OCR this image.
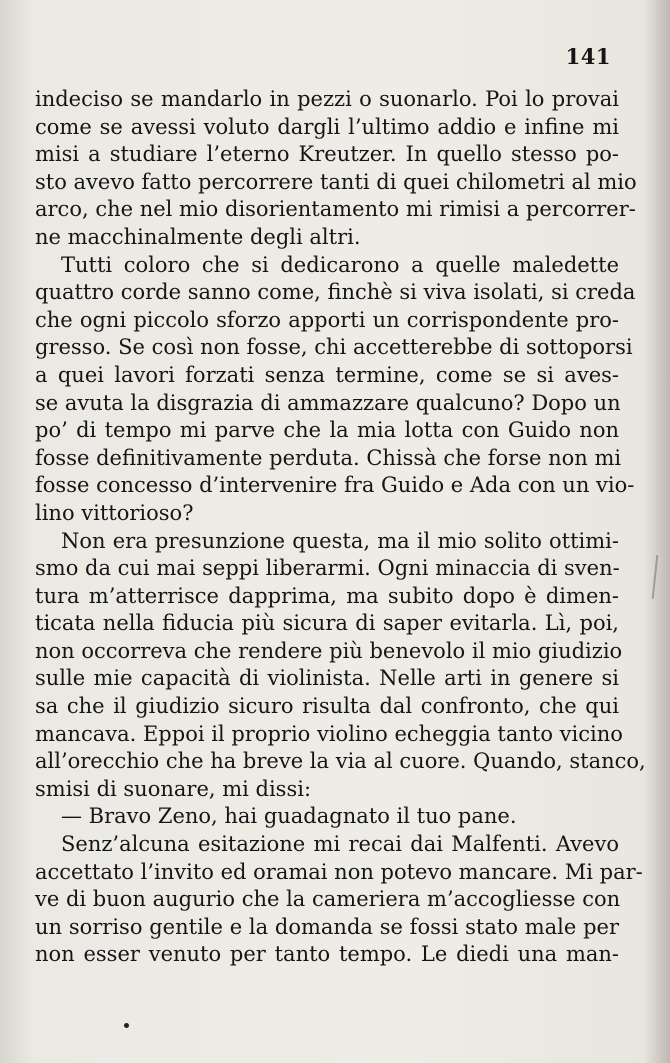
141
indeciso se mandarlo in pezzi o suonarlo. Poi lo provai
come se avessi voluto dargli l’ultimo addio e infine mi
misi a studiare l’eterno Kreutzer. In quello stesso po-
sto avevo fatto percorrere tanti di quei chilometri al mio
arco, che nel mio disorientamento mi rimisi a percorrer-
ne macchinalmente degli altri.
Tutti coloro che si dedicarono a quelle maledette
quattro corde sanno come, finchè si viva isolati, si creda
che ogni piccolo sforzo apporti un corrispondente pro-
gresso. Se così non fosse, chi accetterebbe di sottoporsi
a quei lavori forzati senza termine, come se si aves-
se avuta la disgrazia di ammazzare qualcuno? Dopo un
po’ di tempo mi parve che la mia lotta con Guido non
fosse definitivamente perduta. Chissà che forse non mi
fosse concesso d’intervenire fra Guido e Ada con un vio-
lino vittorioso?
Non era presunzione questa, ma il mio solito ottimi-
smo da cui mai seppi liberarmi. Ogni minaccia di sven-
tura m’atterrisce dapprima, ma subito dopo è dimen-
ticata nella fiducia più sicura di saper evitarla. Lì, poi,
non occorreva che rendere più benevolo il mio giudizio
sulle mie capacità di violinista. Nelle arti in genere si
sa che il giudizio sicuro risulta dal confronto, che qui
mancava. Eppoi il proprio violino echeggia tanto vicino
all’orecchio che ha breve la via al cuore. Quando, stanco,
smisi di suonare, mi dissi:
— Bravo Zeno, hai guadagnato il tuo pane.
Senz’alcuna esitazione mi recai dai Malfenti. Avevo
accettato l’invito ed oramai non potevo mancare. Mi par-
ve di buon augurio che la cameriera m’accogliesse con
un sorriso gentile e la domanda se fossi stato male per
non esser venuto per tanto tempo. Le diedi una man-
